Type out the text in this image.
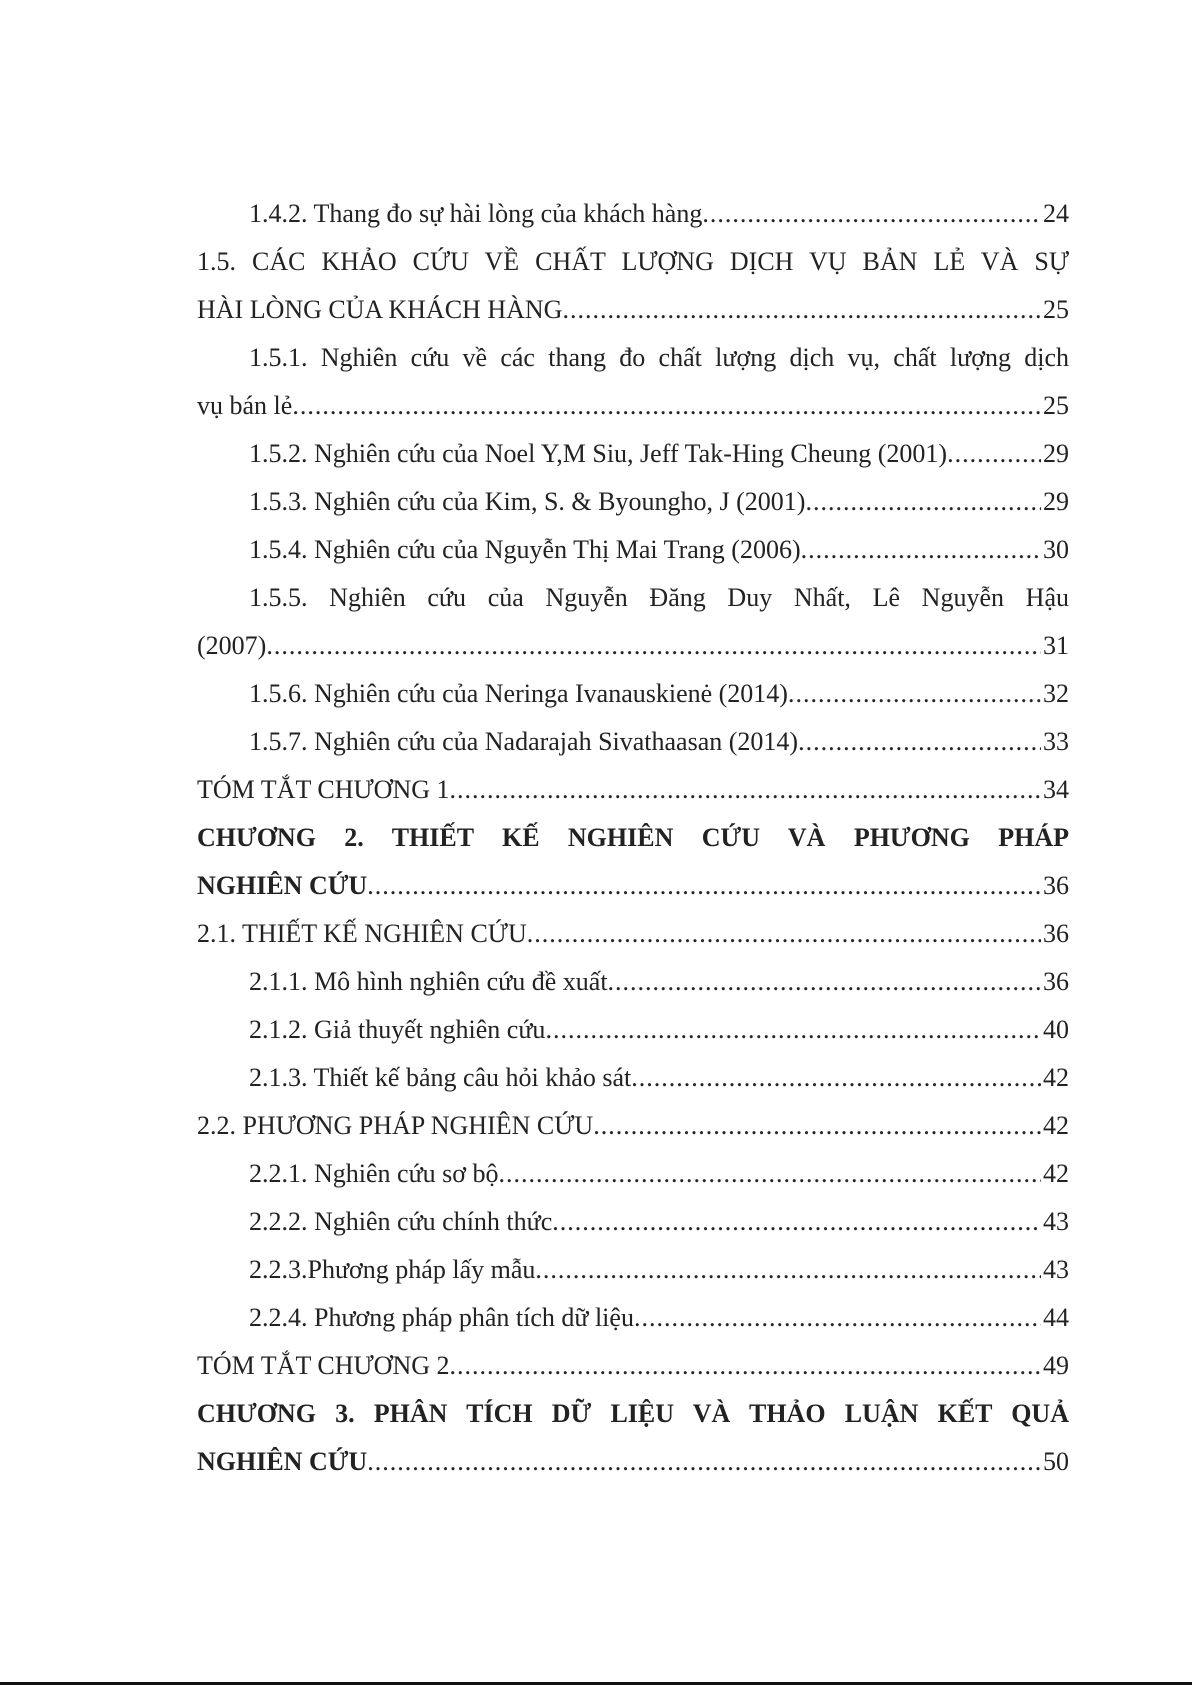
1.4.2. Thang đo sự hài lòng của khách hàng .....	24
1.5. CÁC KHẢO CỨU VỀ CHẤT LƯỢNG DỊCH VỤ BẢN LẺ VÀ SỰ
HÀI LÒNG CỦA KHÁCH HÀNG .....	25
1.5.1. Nghiên cứu về các thang đo chất lượng dịch vụ, chất lượng dịch
vụ bán lẻ .....	25
1.5.2. Nghiên cứu của Noel Y,M Siu, Jeff Tak-Hing Cheung (2001) .....	29
1.5.3. Nghiên cứu của Kim, S. & Byoungho, J (2001) .....	29
1.5.4. Nghiên cứu của Nguyễn Thị Mai Trang (2006) .....	30
1.5.5. Nghiên cứu của Nguyễn Đăng Duy Nhất, Lê Nguyễn Hậu
(2007) .....	31
1.5.6. Nghiên cứu của Neringa Ivanauskienė (2014) .....	32
1.5.7. Nghiên cứu của Nadarajah Sivathaasan (2014) .....	33
TÓM TẮT CHƯƠNG 1 .....	34
CHƯƠNG 2. THIẾT KẾ NGHIÊN CỨU VÀ PHƯƠNG PHÁP
NGHIÊN CỨU .....	36
2.1. THIẾT KẾ NGHIÊN CỨU .....	36
2.1.1. Mô hình nghiên cứu đề xuất .....	36
2.1.2. Giả thuyết nghiên cứu .....	40
2.1.3. Thiết kế bảng câu hỏi khảo sát .....	42
2.2. PHƯƠNG PHÁP NGHIÊN CỨU .....	42
2.2.1. Nghiên cứu sơ bộ .....	42
2.2.2. Nghiên cứu chính thức .....	43
2.2.3.Phương pháp lấy mẫu .....	43
2.2.4. Phương pháp phân tích dữ liệu .....	44
TÓM TẮT CHƯƠNG 2 .....	49
CHƯƠNG 3. PHÂN TÍCH DỮ LIỆU VÀ THẢO LUẬN KẾT QUẢ
NGHIÊN CỨU .....	50
